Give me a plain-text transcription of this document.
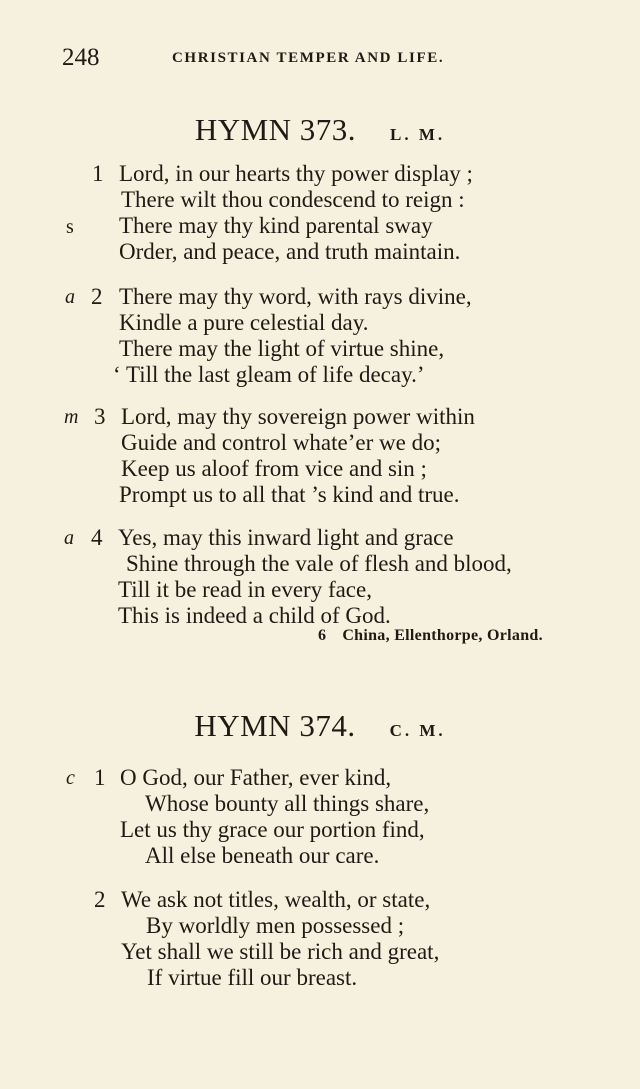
248	CHRISTIAN TEMPER AND LIFE.
HYMN 373. L. M.
1 Lord, in our hearts thy power display ;
There wilt thou condescend to reign :
s There may thy kind parental sway
Order, and peace, and truth maintain.
a 2 There may thy word, with rays divine,
Kindle a pure celestial day.
There may the light of virtue shine,
‘ Till the last gleam of life decay.’
m 3 Lord, may thy sovereign power within
Guide and control whate’er we do;
Keep us aloof from vice and sin ;
Prompt us to all that ’s kind and true.
a 4 Yes, may this inward light and grace
Shine through the vale of flesh and blood,
Till it be read in every face,
This is indeed a child of God.
6 China, Ellenthorpe, Orland.
HYMN 374. C. M.
c 1 O God, our Father, ever kind,
Whose bounty all things share,
Let us thy grace our portion find,
All else beneath our care.
2 We ask not titles, wealth, or state,
By worldly men possessed ;
Yet shall we still be rich and great,
If virtue fill our breast.
